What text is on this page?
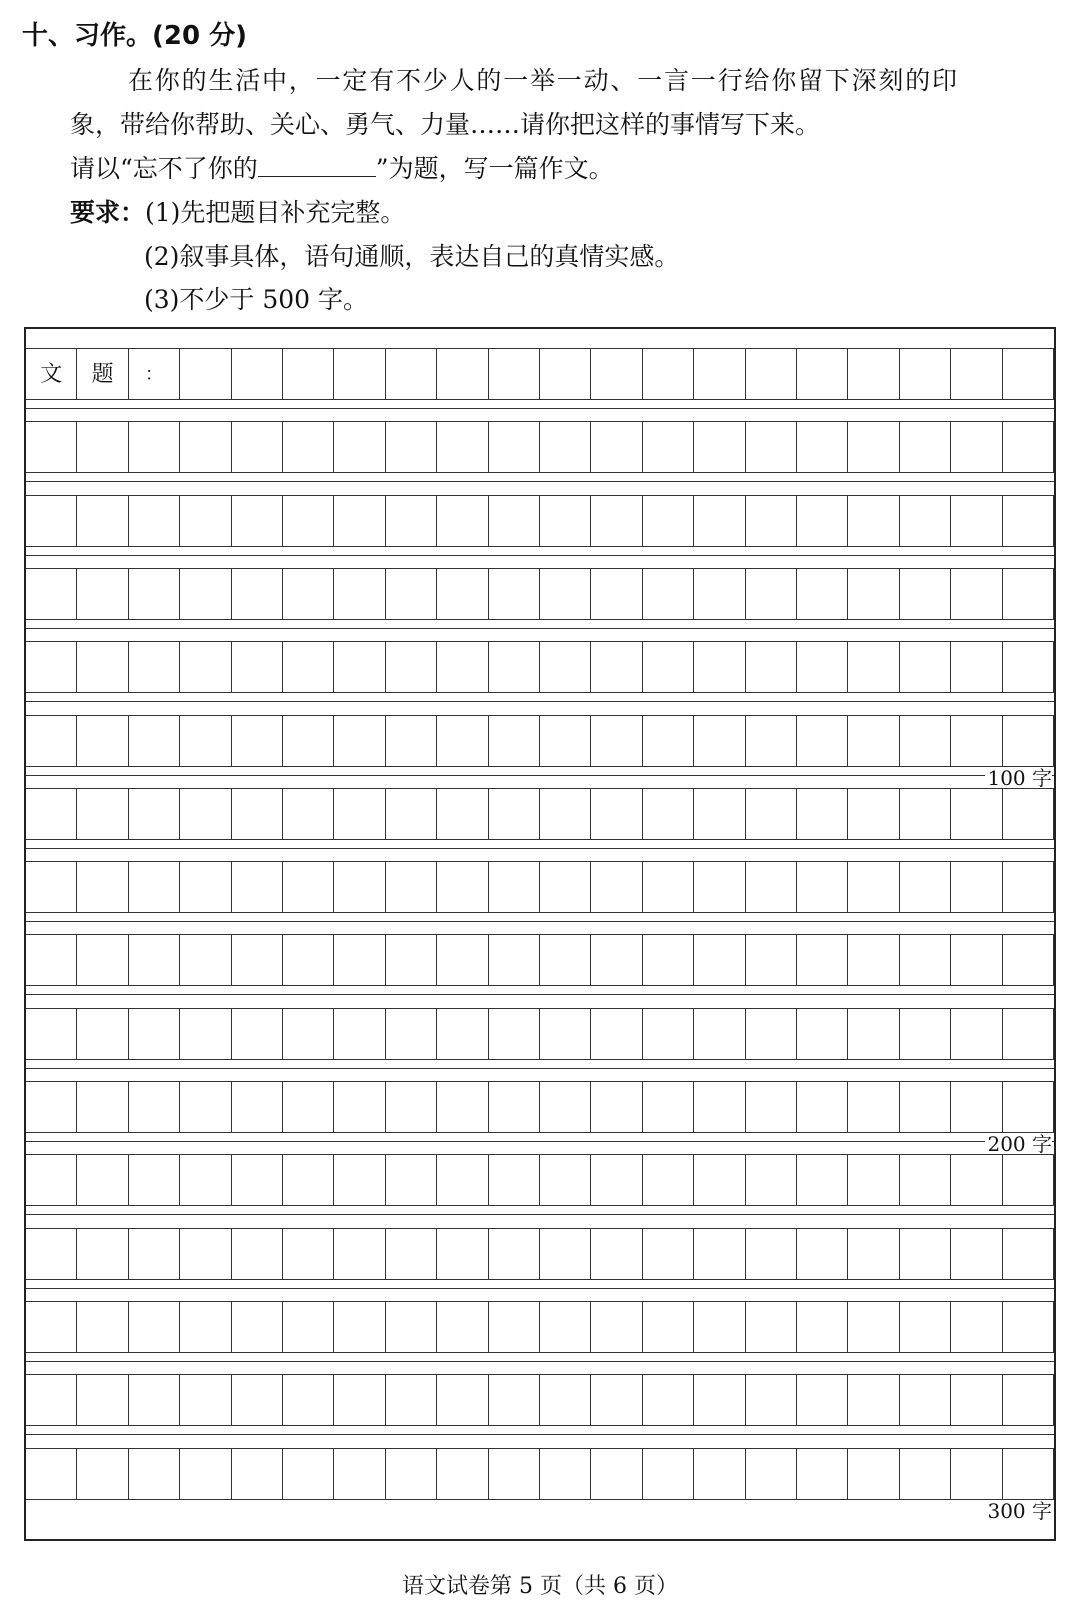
十、习作。(20 分)
在你的生活中，一定有不少人的一举一动、一言一行给你留下深刻的印
象，带给你帮助、关心、勇气、力量……请你把这样的事情写下来。
请以“忘不了你的	”为题，写一篇作文。
要求：(1)先把题目补充完整。
(2)叙事具体，语句通顺，表达自己的真情实感。
(3)不少于 500 字。
文	题	：
100 字
200 字
300 字
语文试卷第 5 页（共 6 页）
